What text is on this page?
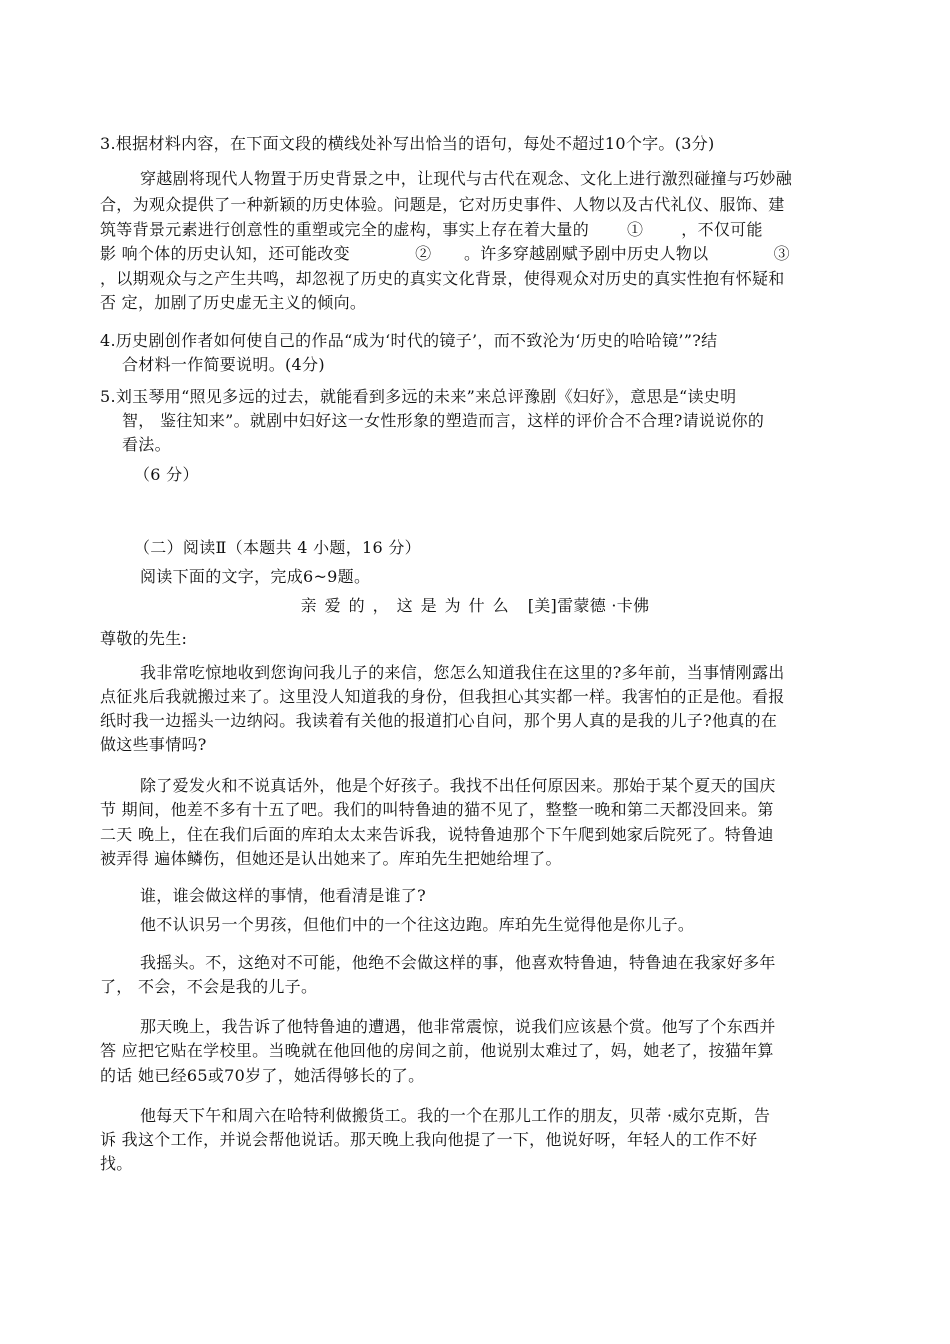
3.根据材料内容，在下面文段的横线处补写出恰当的语句，每处不超过10个字。(3分)
穿越剧将现代人物置于历史背景之中，让现代与古代在观念、文化上进行激烈碰撞与巧妙融
合，为观众提供了一种新颖的历史体验。问题是，它对历史事件、人物以及古代礼仪、服饰、建
筑等背景元素进行创意性的重塑或完全的虚构，事实上存在着大量的　　 ①　　 ，不仅可能
影 响个体的历史认知，还可能改变　　　　②　　。许多穿越剧赋予剧中历史人物以　　　　③
，以期观众与之产生共鸣，却忽视了历史的真实文化背景，使得观众对历史的真实性抱有怀疑和
否 定，加剧了历史虚无主义的倾向。
4.历史剧创作者如何使自己的作品“成为‘时代的镜子’，而不致沦为‘历史的哈哈镜’”?结
合材料一作简要说明。(4分)
5.刘玉琴用“照见多远的过去，就能看到多远的未来”来总评豫剧《妇好》，意思是“读史明
智， 鉴往知来”。就剧中妇好这一女性形象的塑造而言，这样的评价合不合理?请说说你的
看法。
（6 分）
（二）阅读Ⅱ（本题共 4 小题，16 分）
阅读下面的文字，完成6~9题。
亲爱的，这是为什么 [美]雷蒙德 ·卡佛
尊敬的先生:
我非常吃惊地收到您询问我儿子的来信，您怎么知道我住在这里的?多年前，当事情刚露出
点征兆后我就搬过来了。这里没人知道我的身份，但我担心其实都一样。我害怕的正是他。看报
纸时我一边摇头一边纳闷。我读着有关他的报道扪心自问，那个男人真的是我的儿子?他真的在
做这些事情吗?
除了爱发火和不说真话外，他是个好孩子。我找不出任何原因来。那始于某个夏天的国庆
节 期间，他差不多有十五了吧。我们的叫特鲁迪的猫不见了，整整一晚和第二天都没回来。第
二天 晚上，住在我们后面的库珀太太来告诉我，说特鲁迪那个下午爬到她家后院死了。特鲁迪
被弄得 遍体鳞伤，但她还是认出她来了。库珀先生把她给埋了。
谁，谁会做这样的事情，他看清是谁了?
他不认识另一个男孩，但他们中的一个往这边跑。库珀先生觉得他是你儿子。
我摇头。不，这绝对不可能，他绝不会做这样的事，他喜欢特鲁迪，特鲁迪在我家好多年
了， 不会，不会是我的儿子。
那天晚上，我告诉了他特鲁迪的遭遇，他非常震惊，说我们应该悬个赏。他写了个东西并
答 应把它贴在学校里。当晚就在他回他的房间之前，他说别太难过了，妈，她老了，按猫年算
的话 她已经65或70岁了，她活得够长的了。
他每天下午和周六在哈特利做搬货工。我的一个在那儿工作的朋友，贝蒂 ·威尔克斯，告
诉 我这个工作，并说会帮他说话。那天晚上我向他提了一下，他说好呀，年轻人的工作不好
找。
